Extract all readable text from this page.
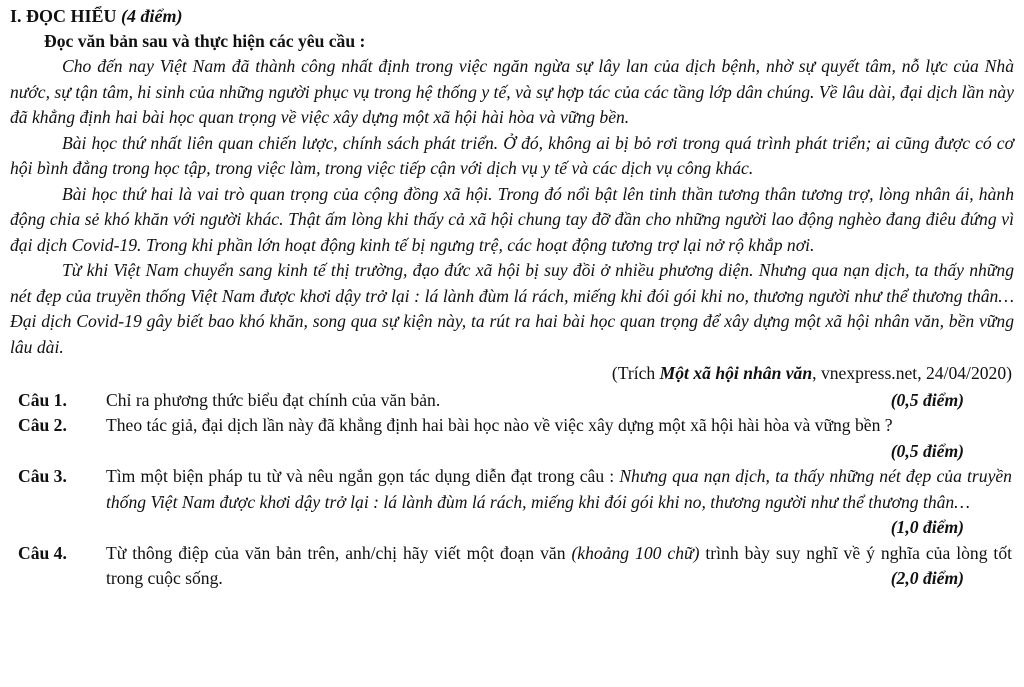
I. ĐỌC HIỂU (4 điểm)
Đọc văn bản sau và thực hiện các yêu cầu :

Cho đến nay Việt Nam đã thành công nhất định trong việc ngăn ngừa sự lây lan của dịch bệnh, nhờ sự quyết tâm, nỗ lực của Nhà nước, sự tận tâm, hi sinh của những người phục vụ trong hệ thống y tế, và sự hợp tác của các tầng lớp dân chúng. Về lâu dài, đại dịch lần này đã khẳng định hai bài học quan trọng về việc xây dựng một xã hội hài hòa và vững bền.

Bài học thứ nhất liên quan chiến lược, chính sách phát triển. Ở đó, không ai bị bỏ rơi trong quá trình phát triển; ai cũng được có cơ hội bình đẳng trong học tập, trong việc làm, trong việc tiếp cận với dịch vụ y tế và các dịch vụ công khác.

Bài học thứ hai là vai trò quan trọng của cộng đồng xã hội. Trong đó nổi bật lên tinh thần tương thân tương trợ, lòng nhân ái, hành động chia sẻ khó khăn với người khác. Thật ấm lòng khi thấy cả xã hội chung tay đỡ đần cho những người lao động nghèo đang điêu đứng vì đại dịch Covid-19. Trong khi phần lớn hoạt động kinh tế bị ngưng trệ, các hoạt động tương trợ lại nở rộ khắp nơi.

Từ khi Việt Nam chuyển sang kinh tế thị trường, đạo đức xã hội bị suy đồi ở nhiều phương diện. Nhưng qua nạn dịch, ta thấy những nét đẹp của truyền thống Việt Nam được khơi dậy trở lại : lá lành đùm lá rách, miếng khi đói gói khi no, thương người như thể thương thân… Đại dịch Covid-19 gây biết bao khó khăn, song qua sự kiện này, ta rút ra hai bài học quan trọng để xây dựng một xã hội nhân văn, bền vững lâu dài.

(Trích Một xã hội nhân văn, vnexpress.net, 24/04/2020)
Câu 1.	Chỉ ra phương thức biểu đạt chính của văn bản.	(0,5 điểm)
Câu 2.	Theo tác giả, đại dịch lần này đã khẳng định hai bài học nào về việc xây dựng một xã hội hài hòa và vững bền ?
(0,5 điểm)
Câu 3.	Tìm một biện pháp tu từ và nêu ngắn gọn tác dụng diễn đạt trong câu : Nhưng qua nạn dịch, ta thấy những nét đẹp của truyền thống Việt Nam được khơi dậy trở lại : lá lành đùm lá rách, miếng khi đói gói khi no, thương người như thể thương thân…
(1,0 điểm)
Câu 4.	Từ thông điệp của văn bản trên, anh/chị hãy viết một đoạn văn (khoảng 100 chữ) trình bày suy nghĩ về ý nghĩa của lòng tốt trong cuộc sống.	(2,0 điểm)
